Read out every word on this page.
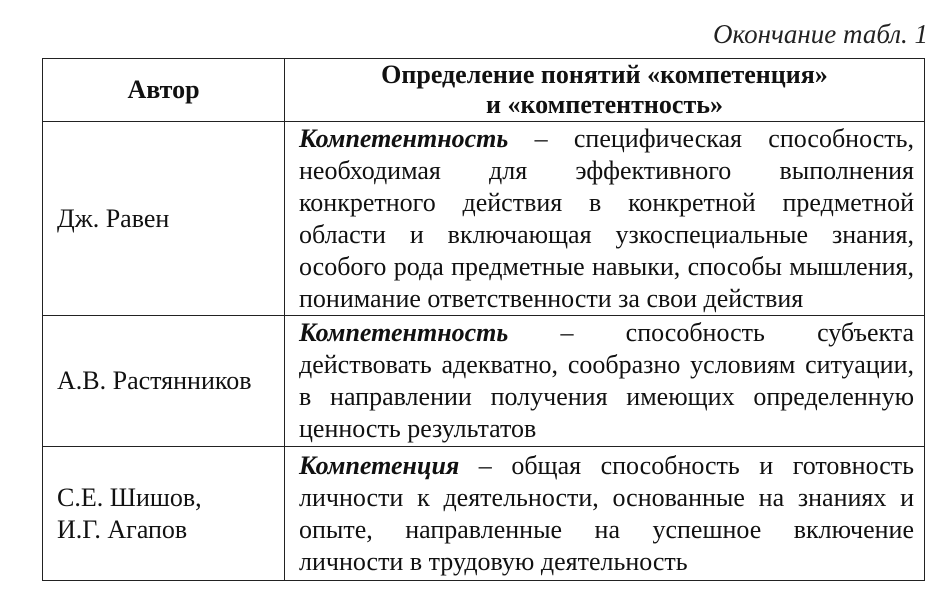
Окончание табл. 1
Автор	Определение понятий «компетенция»
и «компетентность»
Дж. Равен	Компетентность – специфическая способность, необходимая для эффективного выполнения конкретного действия в конкретной предметной области и включающая узкоспециальные знания, особого рода предметные навыки, способы мышления, понимание ответственности за свои действия
А.В. Растянников	Компетентность – способность субъекта действовать адекватно, сообразно условиям ситуации, в направлении получения имеющих определенную ценность результатов
С.Е. Шишов,
И.Г. Агапов	Компетенция – общая способность и готовность личности к деятельности, основанные на знаниях и опыте, направленные на успешное включение личности в трудовую деятельность
